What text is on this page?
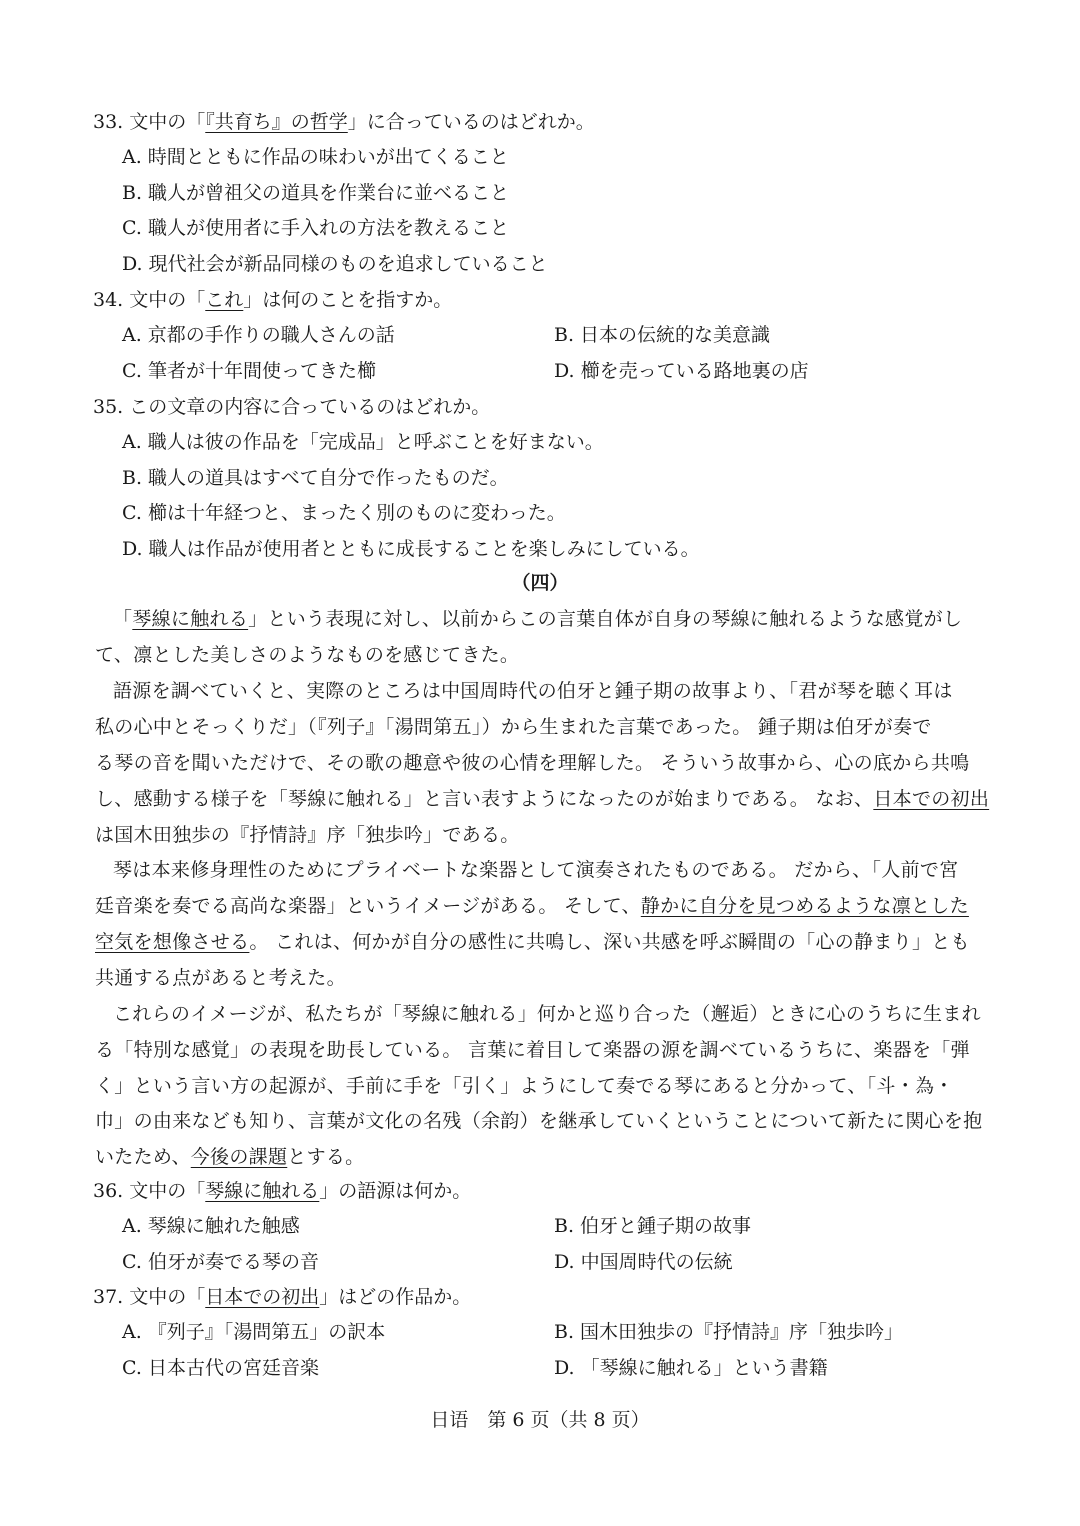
33. 文中の「『共育ち』の哲学」に合っているのはどれか。
A. 時間とともに作品の味わいが出てくること
B. 職人が曾祖父の道具を作業台に並べること
C. 職人が使用者に手入れの方法を教えること
D. 現代社会が新品同様のものを追求していること
34. 文中の「これ」は何のことを指すか。
A. 京都の手作りの職人さんの話	B. 日本の伝統的な美意識
C. 筆者が十年間使ってきた櫛	D. 櫛を売っている路地裏の店
35. この文章の内容に合っているのはどれか。
A. 職人は彼の作品を「完成品」と呼ぶことを好まない。
B. 職人の道具はすべて自分で作ったものだ。
C. 櫛は十年経つと、まったく別のものに変わった。
D. 職人は作品が使用者とともに成長することを楽しみにしている。
（四）
「琴線に触れる」という表現に対し、以前からこの言葉自体が自身の琴線に触れるような感覚がし
て、凛とした美しさのようなものを感じてきた。
語源を調べていくと、実際のところは中国周時代の伯牙と鍾子期の故事より、「君が琴を聴く耳は
私の心中とそっくりだ」（『列子』「湯問第五」）から生まれた言葉であった。 鍾子期は伯牙が奏で
る琴の音を聞いただけで、その歌の趣意や彼の心情を理解した。 そういう故事から、心の底から共鳴
し、感動する様子を「琴線に触れる」と言い表すようになったのが始まりである。 なお、日本での初出
は国木田独歩の『抒情詩』序「独歩吟」である。
琴は本来修身理性のためにプライベートな楽器として演奏されたものである。 だから、「人前で宮
廷音楽を奏でる高尚な楽器」というイメージがある。 そして、静かに自分を見つめるような凛とした
空気を想像させる。 これは、何かが自分の感性に共鳴し、深い共感を呼ぶ瞬間の「心の静まり」とも
共通する点があると考えた。
これらのイメージが、私たちが「琴線に触れる」何かと巡り合った（邂逅）ときに心のうちに生まれ
る「特別な感覚」の表現を助長している。 言葉に着目して楽器の源を調べているうちに、楽器を「弾
く」という言い方の起源が、手前に手を「引く」ようにして奏でる琴にあると分かって、「斗・為・
巾」の由来なども知り、言葉が文化の名残（余韵）を継承していくということについて新たに関心を抱
いたため、今後の課題とする。
36. 文中の「琴線に触れる」の語源は何か。
A. 琴線に触れた触感	B. 伯牙と鍾子期の故事
C. 伯牙が奏でる琴の音	D. 中国周時代の伝統
37. 文中の「日本での初出」はどの作品か。
A. 『列子』「湯問第五」の訳本	B. 国木田独歩の『抒情詩』序「独歩吟」
C. 日本古代の宮廷音楽	D. 「琴線に触れる」という書籍
日语　第 6 页（共 8 页）
